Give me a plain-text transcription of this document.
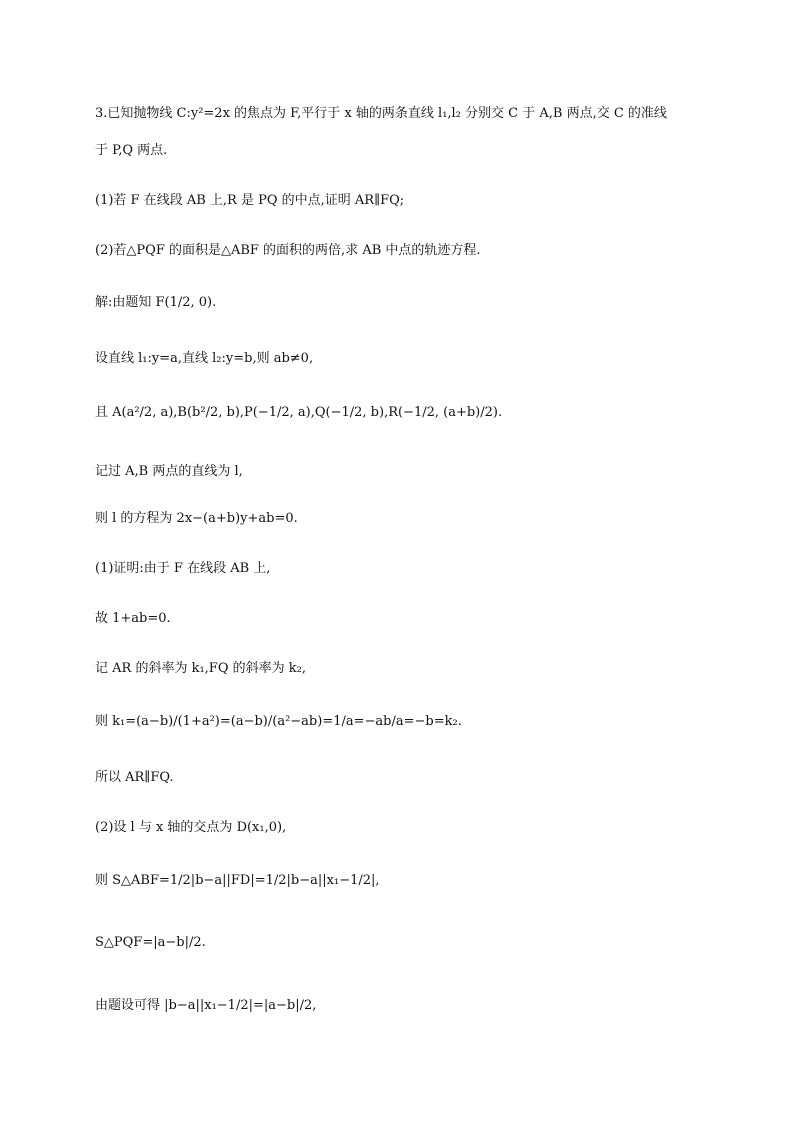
3.已知抛物线 C:y²=2x 的焦点为 F,平行于 x 轴的两条直线 l₁,l₂ 分别交 C 于 A,B 两点,交 C 的准线
于 P,Q 两点.
(1)若 F 在线段 AB 上,R 是 PQ 的中点,证明 AR∥FQ;
(2)若△PQF 的面积是△ABF 的面积的两倍,求 AB 中点的轨迹方程.
解:由题知 F(1/2, 0).
设直线 l₁:y=a,直线 l₂:y=b,则 ab≠0,
且 A(a²/2, a),B(b²/2, b),P(−1/2, a),Q(−1/2, b),R(−1/2, (a+b)/2).
记过 A,B 两点的直线为 l,
则 l 的方程为 2x−(a+b)y+ab=0.
(1)证明:由于 F 在线段 AB 上,
故 1+ab=0.
记 AR 的斜率为 k₁,FQ 的斜率为 k₂,
则 k₁=(a−b)/(1+a²)=(a−b)/(a²−ab)=1/a=−ab/a=−b=k₂.
所以 AR∥FQ.
(2)设 l 与 x 轴的交点为 D(x₁,0),
则 S△ABF=1/2|b−a||FD|=1/2|b−a||x₁−1/2|,
S△PQF=|a−b|/2.
由题设可得 |b−a||x₁−1/2|=|a−b|/2,
